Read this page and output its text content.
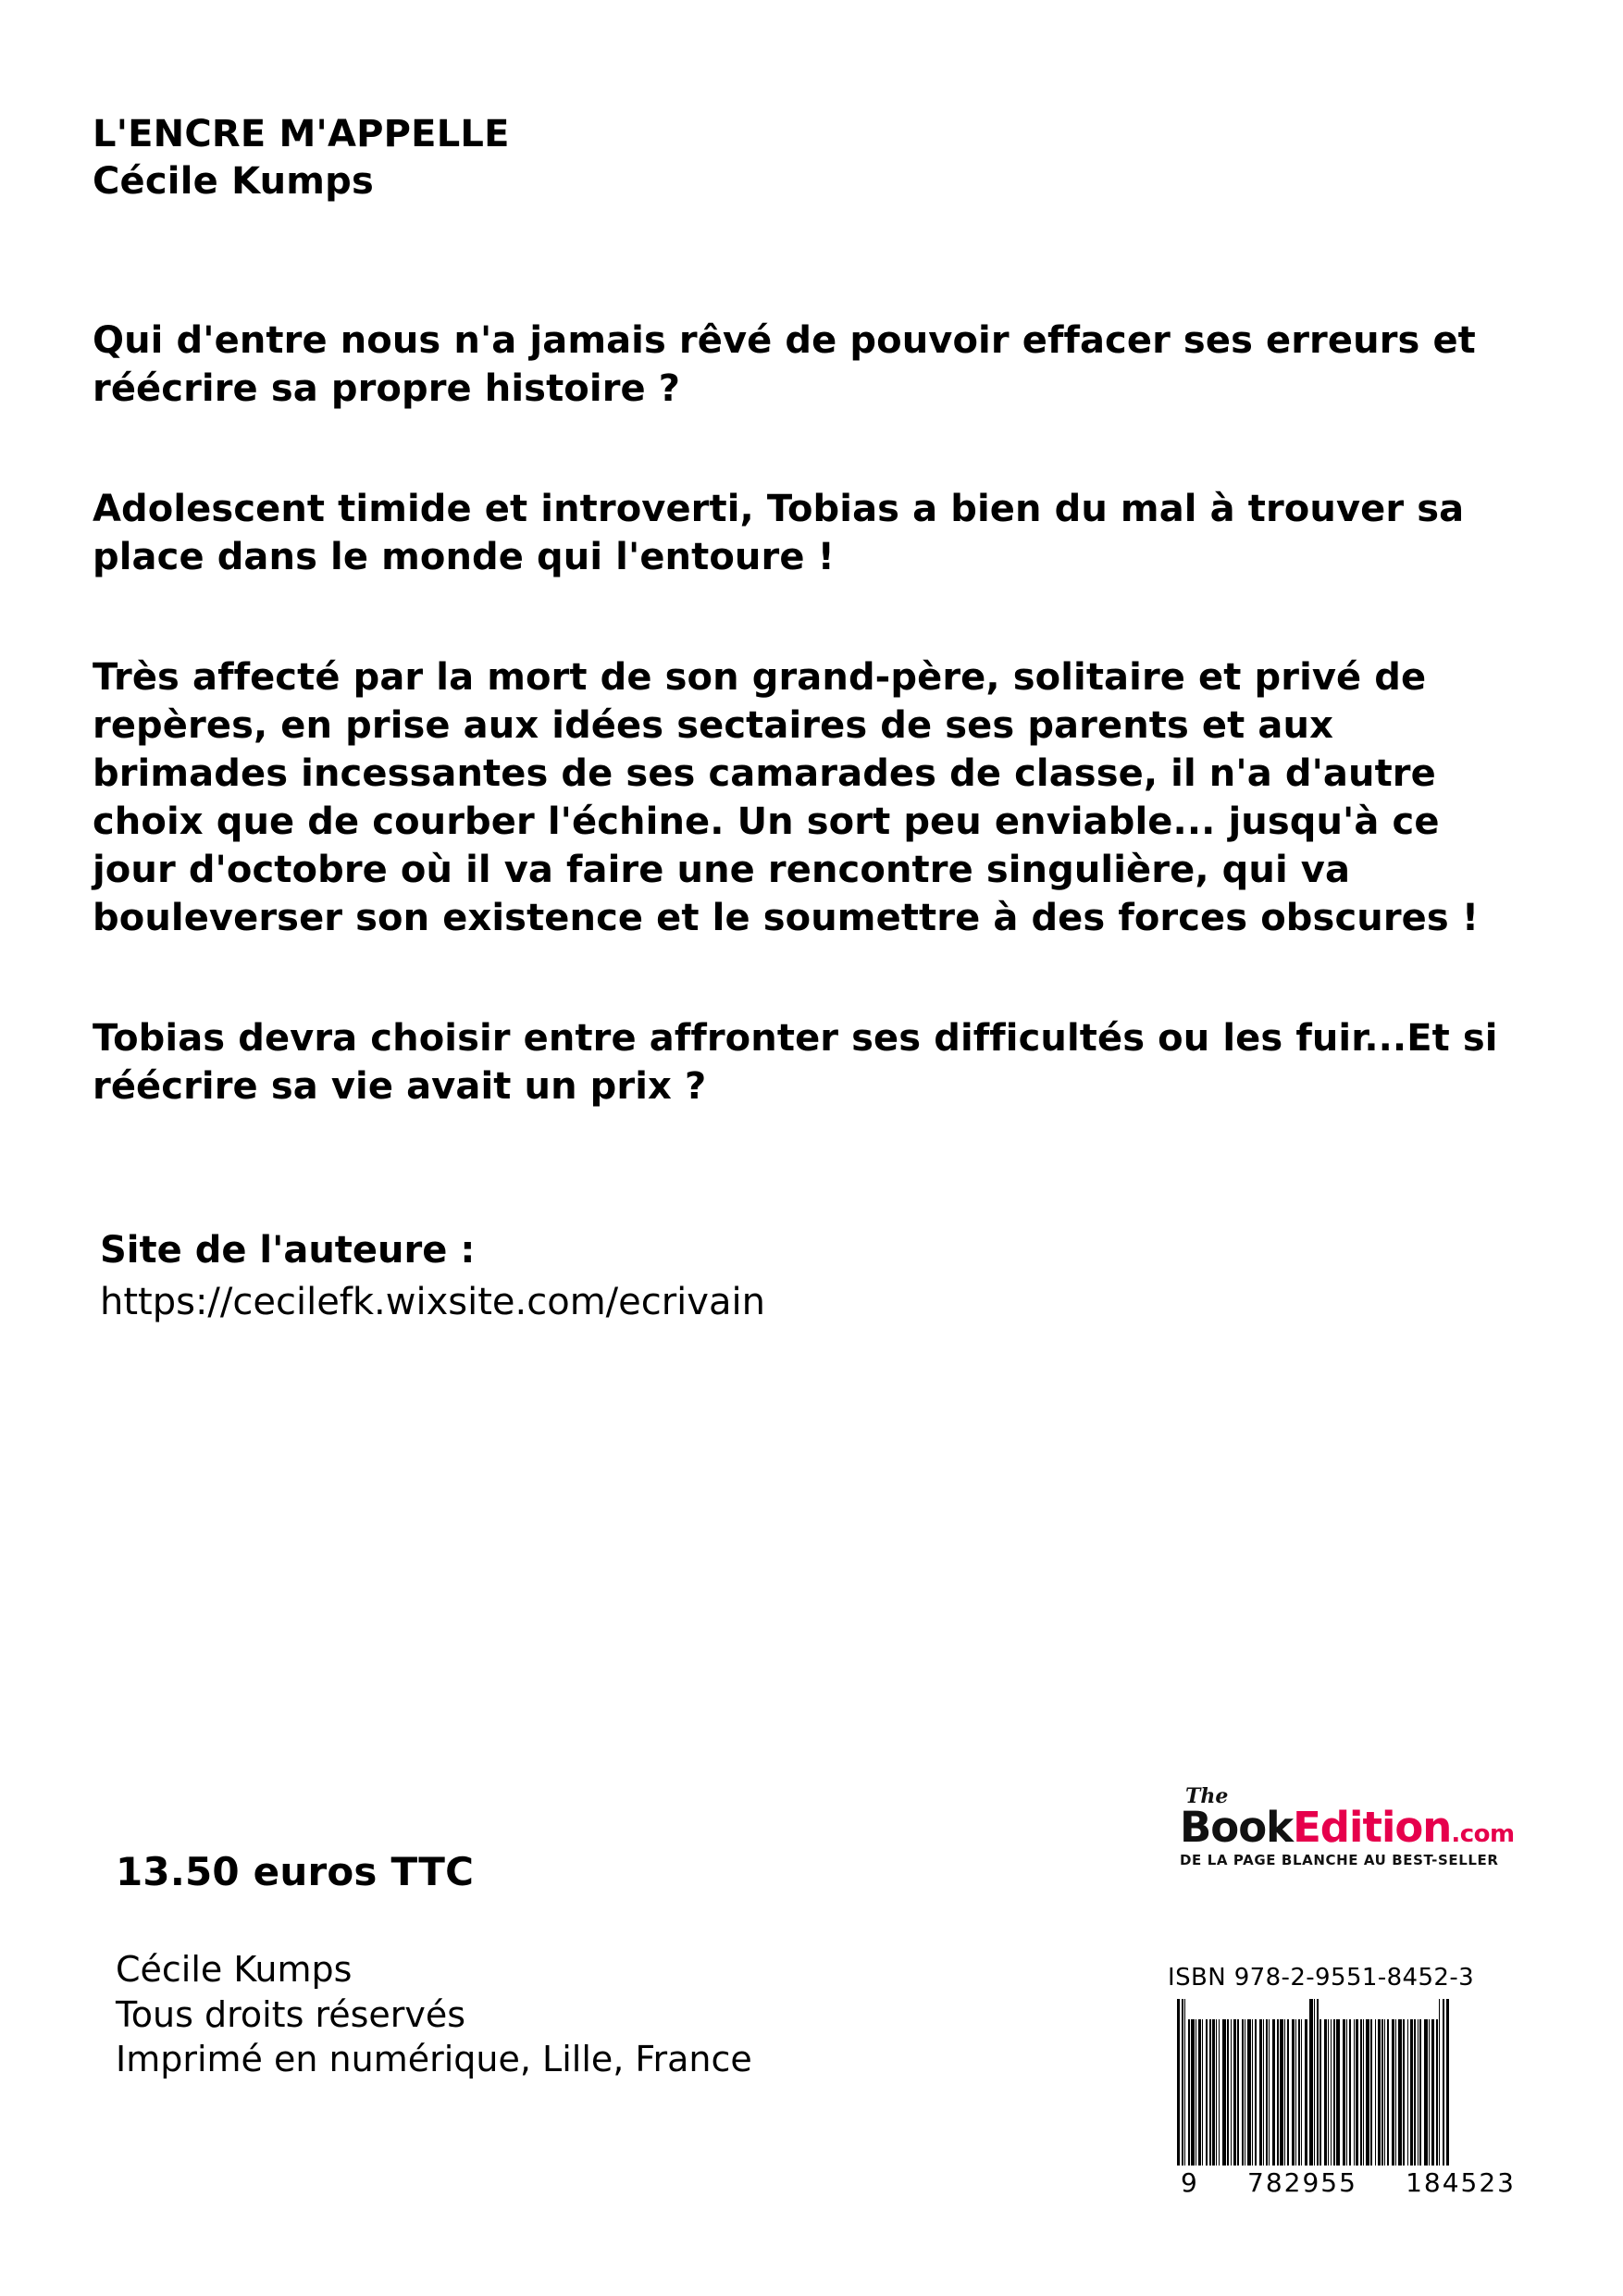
L'ENCRE M'APPELLE
Cécile Kumps

Qui d'entre nous n'a jamais rêvé de pouvoir effacer ses erreurs et réécrire sa propre histoire ?

Adolescent timide et introverti, Tobias a bien du mal à trouver sa place dans le monde qui l'entoure !

Très affecté par la mort de son grand-père, solitaire et privé de repères, en prise aux idées sectaires de ses parents et aux brimades incessantes de ses camarades de classe, il n'a d'autre choix que de courber l'échine. Un sort peu enviable... jusqu'à ce jour d'octobre où il va faire une rencontre singulière, qui va bouleverser son existence et le soumettre à des forces obscures !

Tobias devra choisir entre affronter ses difficultés ou les fuir...Et si réécrire sa vie avait un prix ?

Site de l'auteure :
https://cecilefk.wixsite.com/ecrivain
13.50 euros TTC
Cécile Kumps
Tous droits réservés
Imprimé en numérique, Lille, France
The
BookEdition.com
DE LA PAGE BLANCHE AU BEST-SELLER
ISBN 978-2-9551-8452-3
9 782955 184523
